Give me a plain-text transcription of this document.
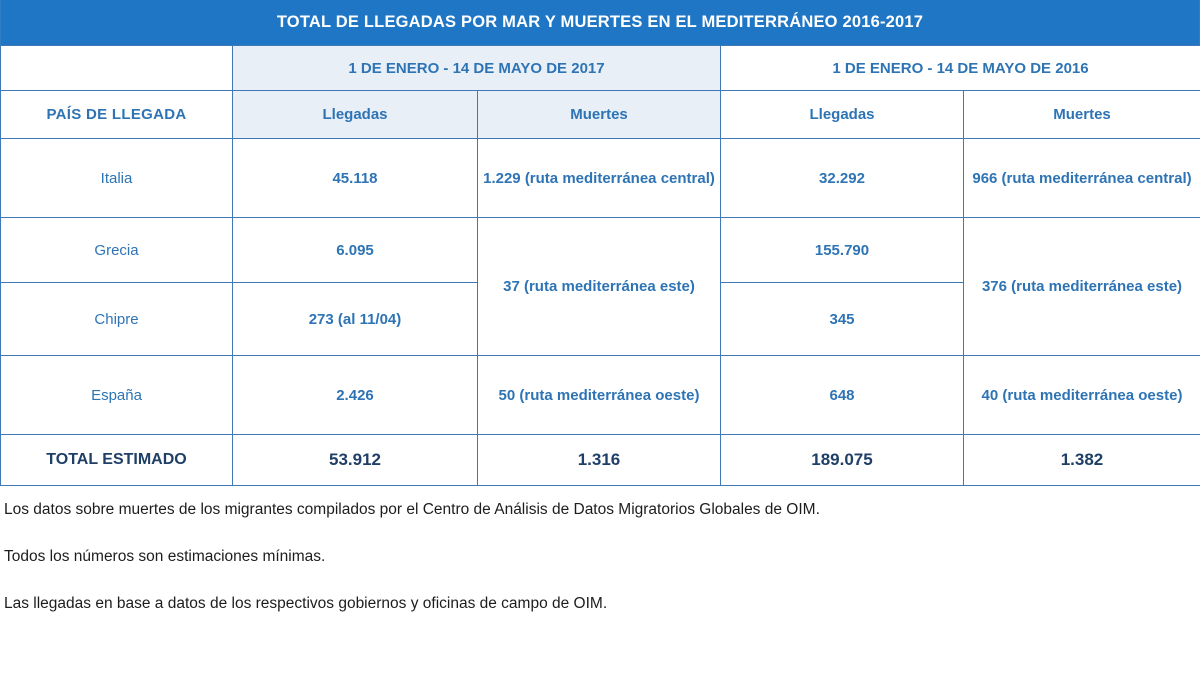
TOTAL DE LLEGADAS POR MAR Y MUERTES EN EL MEDITERRÁNEO 2016-2017
	1 DE ENERO - 14 DE MAYO DE 2017		1 DE ENERO - 14 DE MAYO DE 2016	
PAÍS DE LLEGADA	Llegadas	Muertes	Llegadas	Muertes
Italia	45.118	1.229 (ruta mediterránea central)	32.292	966 (ruta mediterránea central)
Grecia	6.095	37 (ruta mediterránea este)	155.790	376 (ruta mediterránea este)
Chipre	273 (al 11/04)		345	
España	2.426	50 (ruta mediterránea oeste)	648	40 (ruta mediterránea oeste)
TOTAL ESTIMADO	53.912	1.316	189.075	1.382
Los datos sobre muertes de los migrantes compilados por el Centro de Análisis de Datos Migratorios Globales de OIM.
Todos los números son estimaciones mínimas.
Las llegadas en base a datos de los respectivos gobiernos y oficinas de campo de OIM.
